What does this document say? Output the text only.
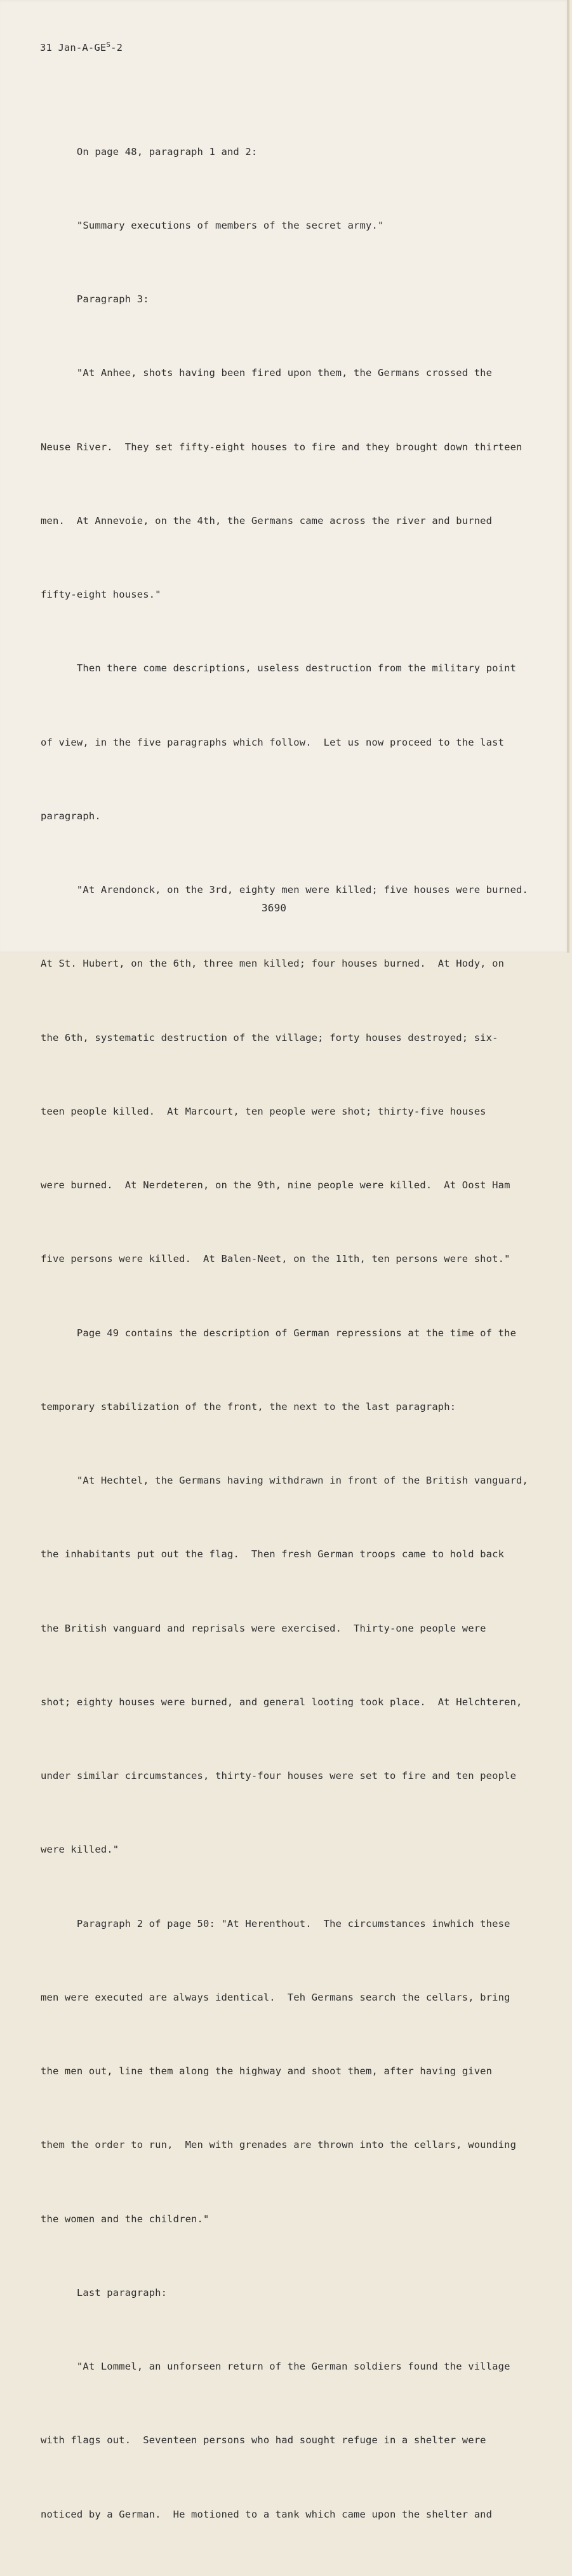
31 Jan-$A-GE^S-2$

On page 48, paragraph 1 and 2:

"Summary executions of members of the secret army."

Paragraph 3:

"At Anhee, shots having been fired upon them, the Germans crossed the

Neuse River.  They set fifty-eight houses to fire and they brought down thirteen

men.  At Annevoie, on the 4th, the Germans came across the river and burned

fifty-eight houses."

Then there come descriptions, useless destruction from the military point

of view, in the five paragraphs which follow.  Let us now proceed to the last

paragraph.

"At Arendonck, on the 3rd, eighty men were killed; five houses were burned.

At St. Hubert, on the 6th, three men killed; four houses burned.  At Hody, on

the 6th, systematic destruction of the village; forty houses destroyed; six-

teen people killed.  At Marcourt, ten people were shot; thirty-five houses

were burned.  At Nerdeteren, on the 9th, nine people were killed.  At Oost Ham

five persons were killed.  At Balen-Neet, on the 11th, ten persons were shot."

Page 49 contains the description of German repressions at the time of the

temporary stabilization of the front, the next to the last paragraph:

"At Hechtel, the Germans having withdrawn in front of the British vanguard,

the inhabitants put out the flag.  Then fresh German troops came to hold back

the British vanguard and reprisals were exercised.  Thirty-one people were

shot; eighty houses were burned, and general looting took place.  At Helchteren,

under similar circumstances, thirty-four houses were set to fire and ten people

were killed."

Paragraph 2 of page 50: "At Herenthout.  The circumstances inwhich these

men were executed are always identical.  Teh Germans search the cellars, bring

the men out, line them along the highway and shoot them, after having given

them the order to run,  Men with grenades are thrown into the cellars, wounding

the women and the children."

Last paragraph:

"At Lommel, an unforseen return of the German soldiers found the village

with flags out.  Seventeen persons who had sought refuge in a shelter were

noticed by a German.  He motioned to a tank which came upon the shelter and

3690
